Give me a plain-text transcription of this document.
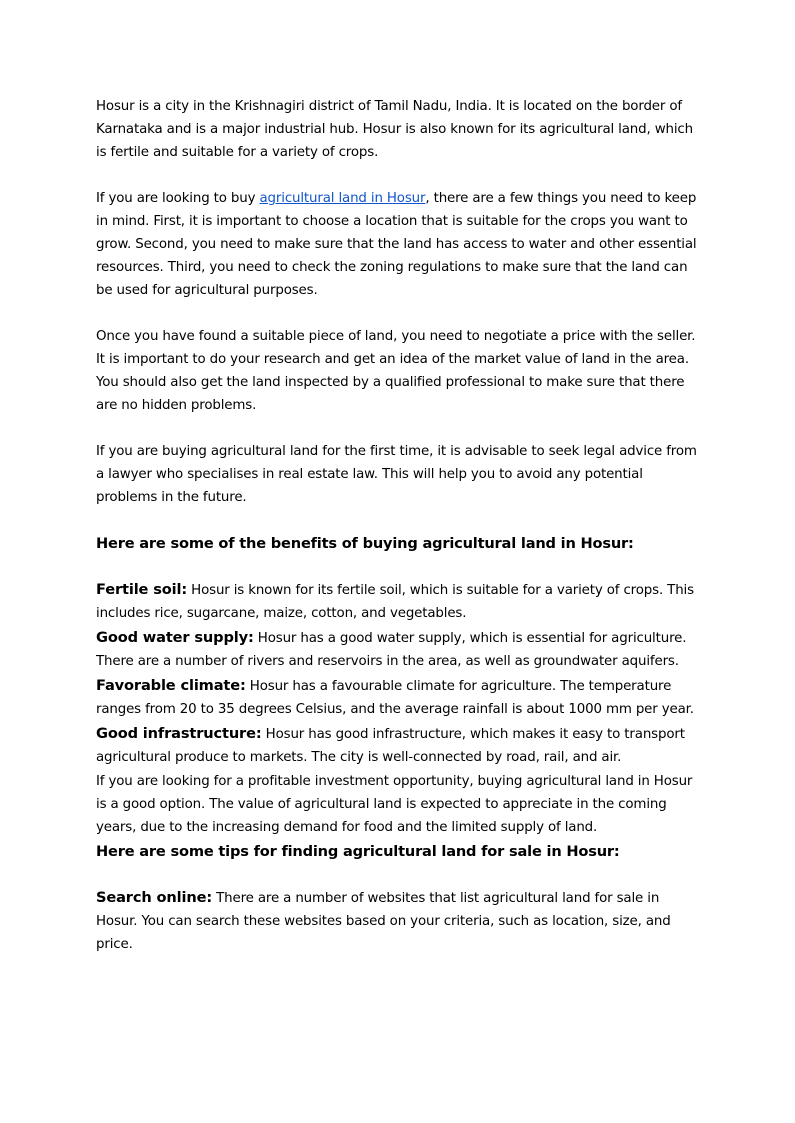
Hosur is a city in the Krishnagiri district of Tamil Nadu, India. It is located on the border of Karnataka and is a major industrial hub. Hosur is also known for its agricultural land, which is fertile and suitable for a variety of crops.

If you are looking to buy agricultural land in Hosur, there are a few things you need to keep in mind. First, it is important to choose a location that is suitable for the crops you want to grow. Second, you need to make sure that the land has access to water and other essential resources. Third, you need to check the zoning regulations to make sure that the land can be used for agricultural purposes.

Once you have found a suitable piece of land, you need to negotiate a price with the seller. It is important to do your research and get an idea of the market value of land in the area. You should also get the land inspected by a qualified professional to make sure that there are no hidden problems.

If you are buying agricultural land for the first time, it is advisable to seek legal advice from a lawyer who specialises in real estate law. This will help you to avoid any potential problems in the future.

Here are some of the benefits of buying agricultural land in Hosur:

Fertile soil: Hosur is known for its fertile soil, which is suitable for a variety of crops. This includes rice, sugarcane, maize, cotton, and vegetables.

Good water supply: Hosur has a good water supply, which is essential for agriculture. There are a number of rivers and reservoirs in the area, as well as groundwater aquifers.

Favorable climate: Hosur has a favourable climate for agriculture. The temperature ranges from 20 to 35 degrees Celsius, and the average rainfall is about 1000 mm per year.

Good infrastructure: Hosur has good infrastructure, which makes it easy to transport agricultural produce to markets. The city is well-connected by road, rail, and air.

If you are looking for a profitable investment opportunity, buying agricultural land in Hosur is a good option. The value of agricultural land is expected to appreciate in the coming years, due to the increasing demand for food and the limited supply of land.

Here are some tips for finding agricultural land for sale in Hosur:

Search online: There are a number of websites that list agricultural land for sale in Hosur. You can search these websites based on your criteria, such as location, size, and price.
